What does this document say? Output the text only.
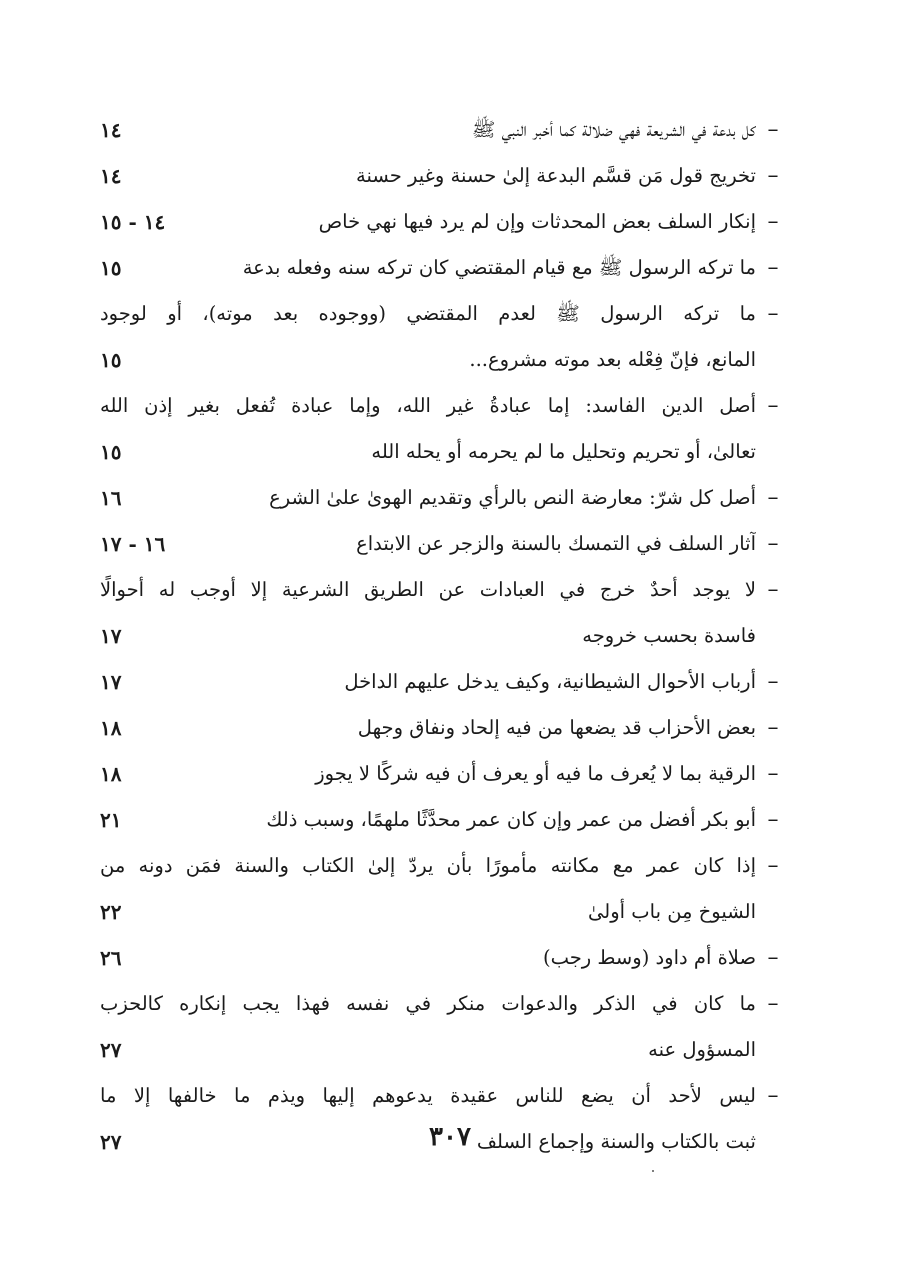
–
كل بدعة في الشريعة فهي ضلالة كما أخبر النبي ﷺ
١٤
–
تخريج قول مَن قسَّم البدعة إلىٰ حسنة وغير حسنة
١٤
–
إنكار السلف بعض المحدثات وإن لم يرد فيها نهي خاص
١٤ - ١٥
–
ما تركه الرسول ﷺ مع قيام المقتضي كان تركه سنه وفعله بدعة
١٥
–
ما تركه الرسول ﷺ لعدم المقتضي (ووجوده بعد موته)، أو لوجود
المانع، فإنّ فِعْله بعد موته مشروع...
١٥
–
أصل الدين الفاسد: إما عبادةُ غير الله، وإما عبادة تُفعل بغير إذن الله
تعالىٰ، أو تحريم وتحليل ما لم يحرمه أو يحله الله
١٥
–
أصل كل شرّ: معارضة النص بالرأي وتقديم الهوىٰ علىٰ الشرع
١٦
–
آثار السلف في التمسك بالسنة والزجر عن الابتداع
١٦ - ١٧
–
لا يوجد أحدٌ خرج في العبادات عن الطريق الشرعية إلا أوجب له أحوالًا
فاسدة بحسب خروجه
١٧
–
أرباب الأحوال الشيطانية، وكيف يدخل عليهم الداخل
١٧
–
بعض الأحزاب قد يضعها من فيه إلحاد ونفاق وجهل
١٨
–
الرقية بما لا يُعرف ما فيه أو يعرف أن فيه شركًا لا يجوز
١٨
–
أبو بكر أفضل من عمر وإن كان عمر محدَّثًا ملهمًا، وسبب ذلك
٢١
–
إذا كان عمر مع مكانته مأمورًا بأن يردّ إلىٰ الكتاب والسنة فمَن دونه من
الشيوخ مِن باب أولىٰ
٢٢
–
صلاة أم داود (وسط رجب)
٢٦
–
ما كان في الذكر والدعوات منكر في نفسه فهذا يجب إنكاره كالحزب
المسؤول عنه
٢٧
–
ليس لأحد أن يضع للناس عقيدة يدعوهم إليها ويذم ما خالفها إلا ما
ثبت بالكتاب والسنة وإجماع السلف
٢٧	٣٠٧
